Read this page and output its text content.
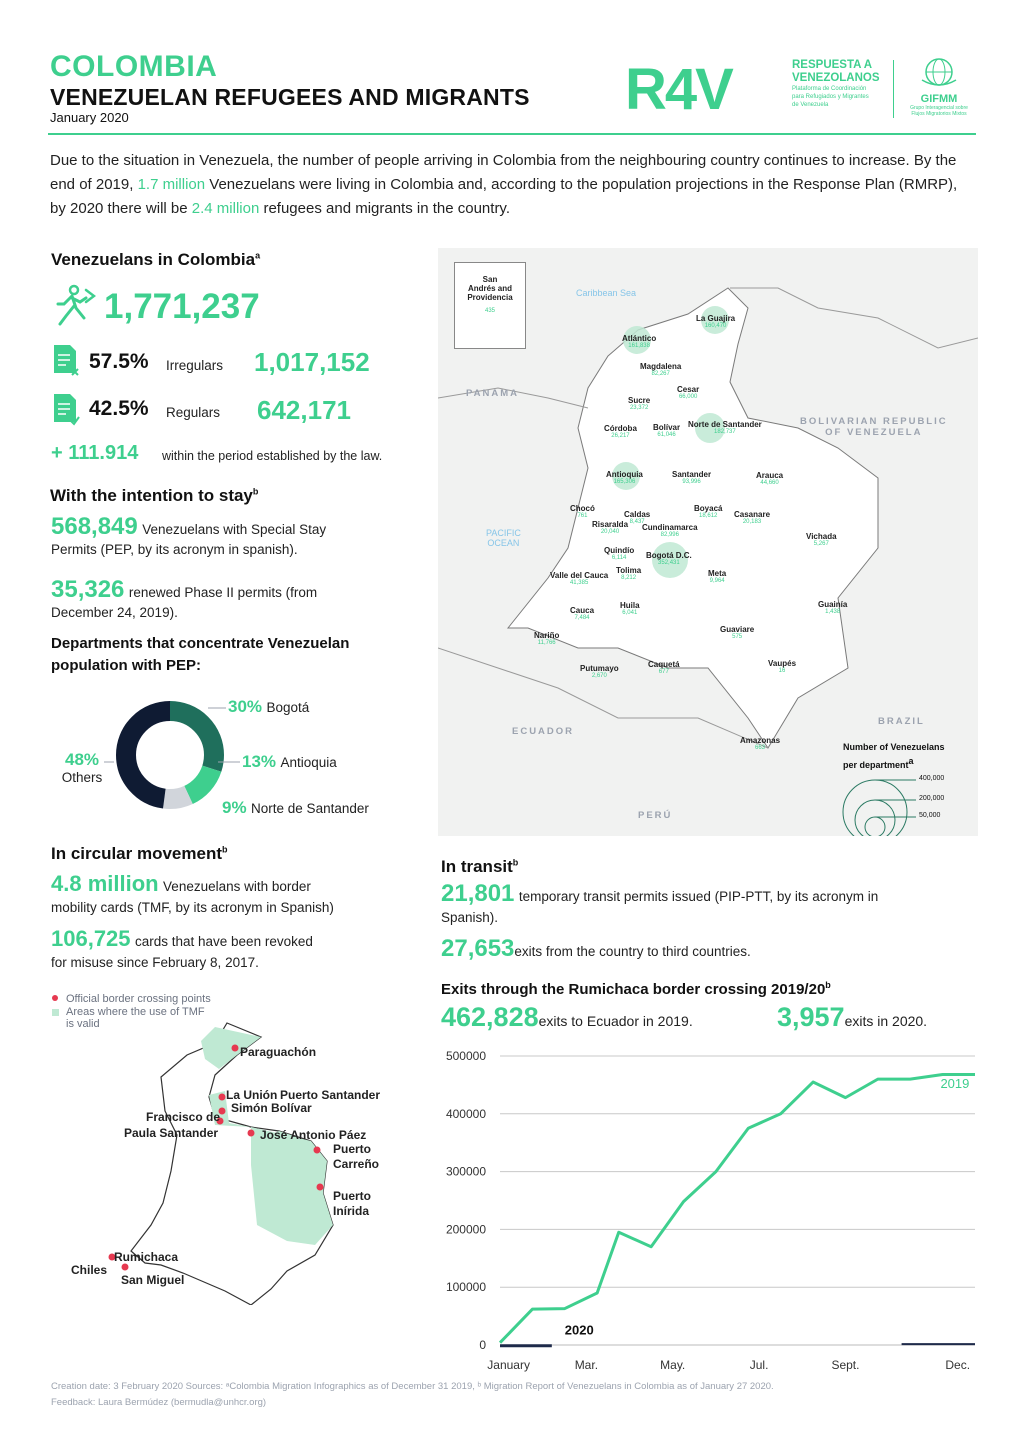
COLOMBIA
VENEZUELAN REFUGEES AND MIGRANTS
January 2020	R4V	RESPUESTA A
VENEZOLANOS
Plataforma de Coordinación
para Refugiados y Migrantes
de Venezuela	GIFMM
Grupo Interagencial sobre
Flujos Migratorios Mixtos
Due to the situation in Venezuela, the number of people arriving in Colombia from the neighbouring country continues to increase. By the end of 2019, 1.7 million Venezuelans were living in Colombia and, according to the population projections in the Response Plan (RMRP), by 2020 there will be 2.4 million refugees and migrants in the country.
Venezuelans in Colombia$^a$
1,771,237
57.5% Irregulars 1,017,152
42.5% Regulars 642,171
+ 111.914 within the period established by the law.
With the intention to stay$^b$
568,849 Venezuelans with Special Stay
Permits (PEP, by its acronym in spanish).
35,326 renewed Phase II permits (from
December 24, 2019).
Departments that concentrate Venezuelan
population with PEP:
30% Bogotá
13% Antioquia
9% Norte de Santander
48%
Others
In circular movement$^b$
4.8 million Venezuelans with border
mobility cards (TMF, by its acronym in Spanish)
106,725 cards that have been revoked
for misuse since February 8, 2017.
Official border crossing points
Areas where the use of TMF
is valid
Paraguachón
La Unión Puerto Santander
Simón Bolívar
Francisco de
Paula Santander	José Antonio Páez
Puerto
Carreño
Puerto
Inírida
Rumichaca
Chiles
San Miguel
San
Andrés and
Providencia
435
Caribbean Sea
PACIFIC
OCEAN
PANAMA
BOLIVARIAN REPUBLIC
OF VENEZUELA
ECUADOR
PERÚ
BRAZIL
Number of Venezuelans
per department$^a$
400,000
200,000
50,000
La Guajira
160,470
Atlántico
161,838
Magdalena
82,267
Cesar
66,000
Sucre
23,372
Córdoba
26,217
Bolívar
61,046
Norte de Santander
182,737
Antioquia
165,306
Santander
93,996
Arauca
44,660
Chocó
761	Caldas
8,437
Boyacá
18,612	Casanare
20,183
Risaralda
20,040	Cundinamarca
82,996	Vichada
5,267
Quindío
6,114	Bogotá D.C.
352,431
Tolima
8,212
Valle del Cauca
41,385
Meta
9,964
Guainía
1,438
Cauca
7,484
Huila
6,041
Guaviare
575
Nariño
11,766
Vaupés
16
Putumayo
2,670
Caquetá
677
Amazonas
663
In transit$^b$
21,801 temporary transit permits issued (PIP-PTT, by its acronym in
Spanish).
27,653exits from the country to third countries.
Exits through the Rumichaca border crossing 2019/20$^b$
462,828exits to Ecuador in 2019.	3,957exits in 2020.
0
100000
200000
300000
400000
500000
January	Mar.	May.	Jul.	Sept.	Dec.
2019
2020
Creation date: 3 February 2020 Sources: ᵃColombia Migration Infographics as of December 31 2019, ᵇ Migration Report of Venezuelans in Colombia as of January 27 2020.
Feedback: Laura Bermúdez (bermudla@unhcr.org)
